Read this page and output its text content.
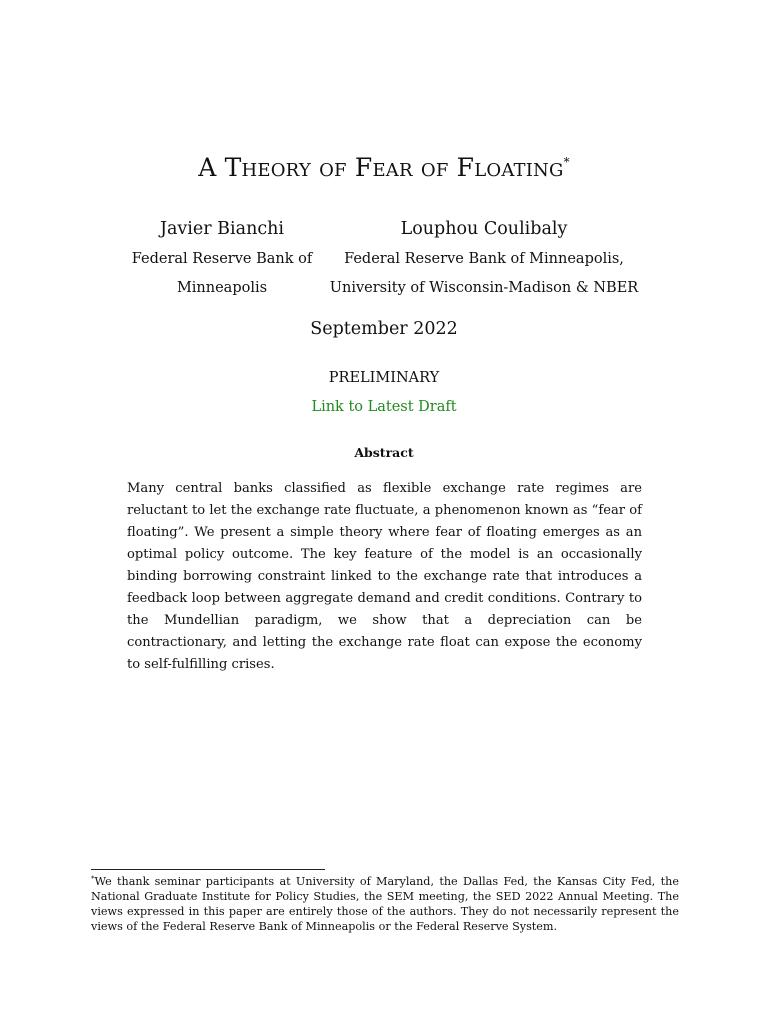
A Theory of Fear of Floating*
Javier Bianchi
Federal Reserve Bank of
Minneapolis
Louphou Coulibaly
Federal Reserve Bank of Minneapolis,
University of Wisconsin-Madison & NBER
September 2022
PRELIMINARY
Link to Latest Draft
Abstract
Many central banks classified as flexible exchange rate regimes are reluctant to let the exchange rate fluctuate, a phenomenon known as “fear of floating”. We present a simple theory where fear of floating emerges as an optimal policy outcome. The key feature of the model is an occasionally binding borrowing constraint linked to the exchange rate that introduces a feedback loop between aggregate demand and credit conditions. Contrary to the Mundellian paradigm, we show that a depreciation can be contractionary, and letting the exchange rate float can expose the economy to self-fulfilling crises.
*We thank seminar participants at University of Maryland, the Dallas Fed, the Kansas City Fed, the National Graduate Institute for Policy Studies, the SEM meeting, the SED 2022 Annual Meeting. The views expressed in this paper are entirely those of the authors. They do not necessarily represent the views of the Federal Reserve Bank of Minneapolis or the Federal Reserve System.
